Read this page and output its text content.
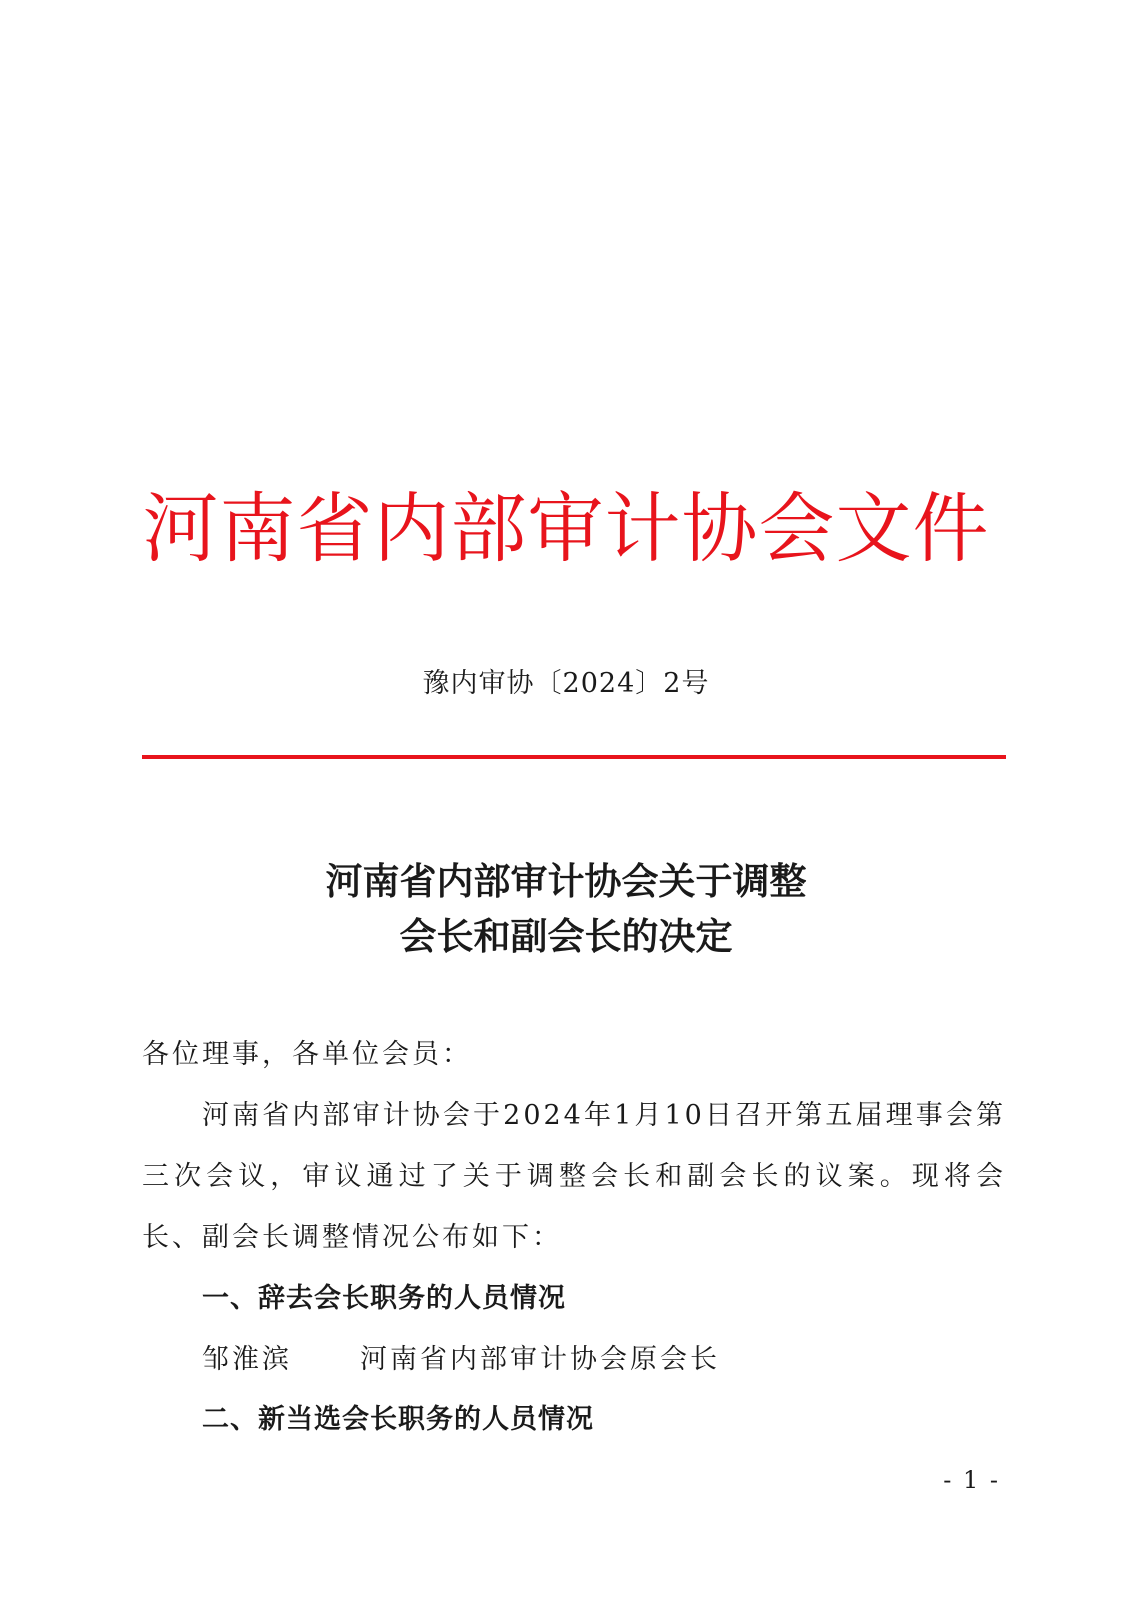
河南省内部审计协会文件
豫内审协〔2024〕2号
河南省内部审计协会关于调整
会长和副会长的决定
各位理事，各单位会员：
河南省内部审计协会于2024年1月10日召开第五届理事会第三次会议，审议通过了关于调整会长和副会长的议案。现将会长、副会长调整情况公布如下：
一、辞去会长职务的人员情况
邹淮滨	河南省内部审计协会原会长
二、新当选会长职务的人员情况
- 1 -
